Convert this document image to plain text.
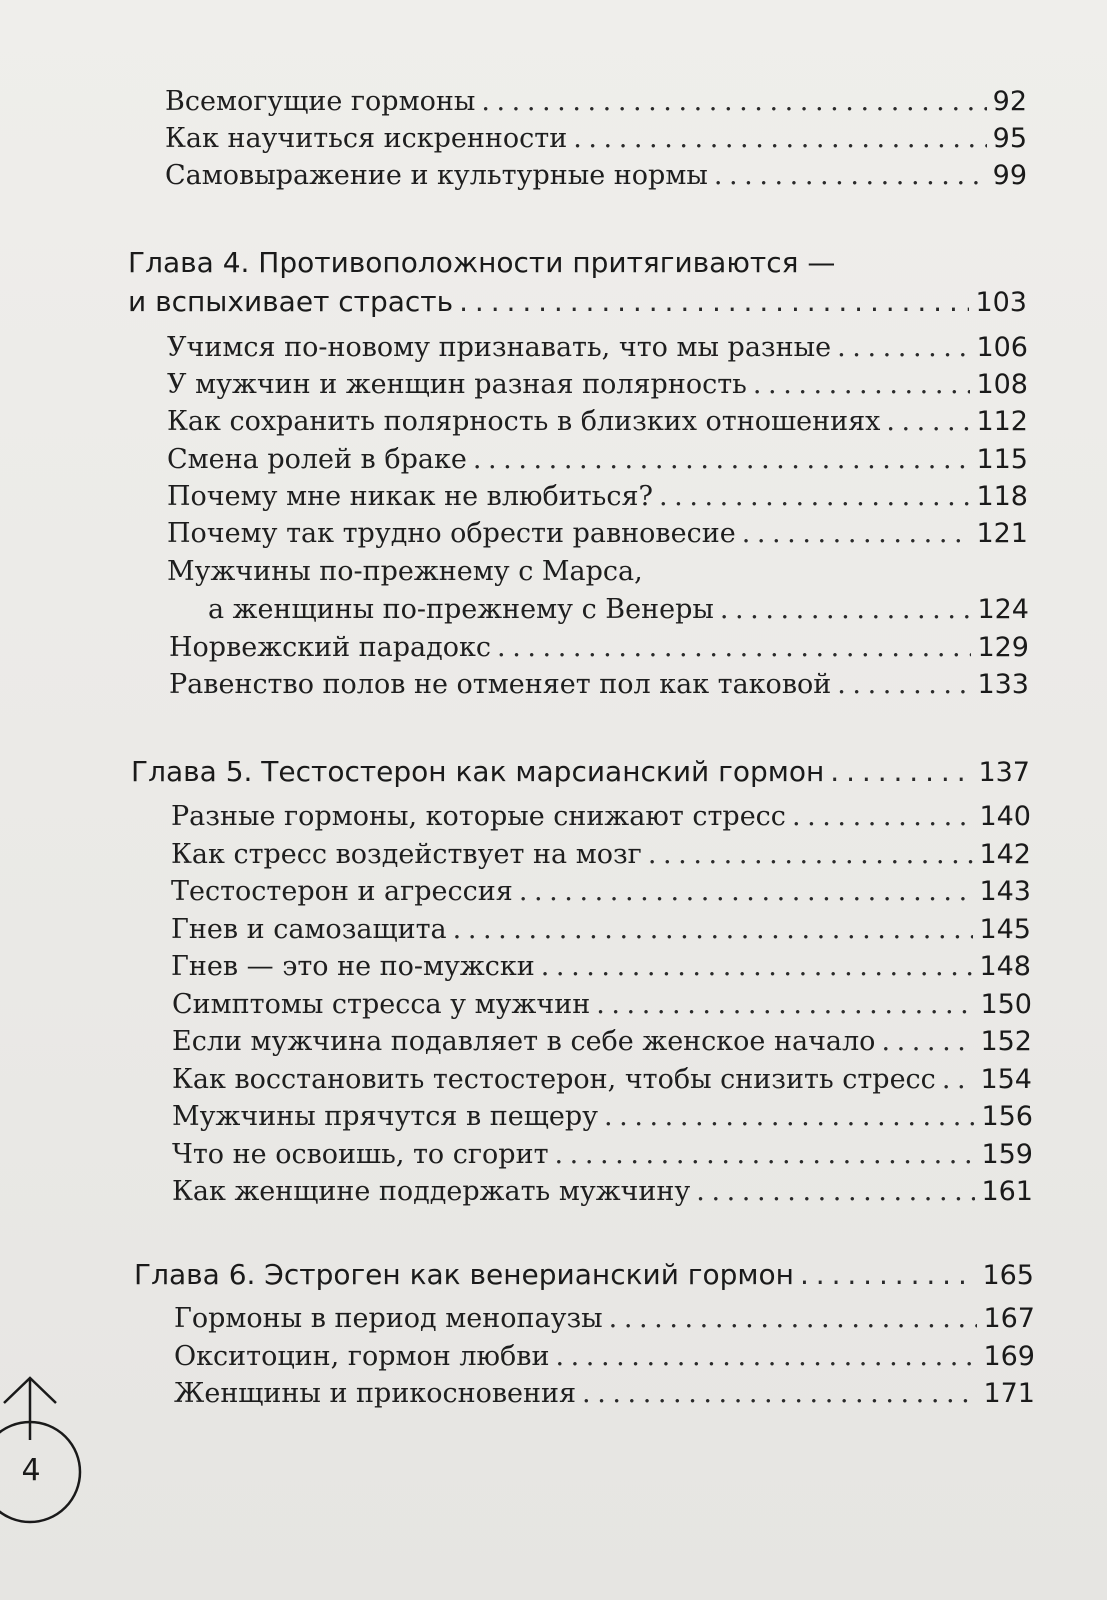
Всемогущие гормоны . . .	92
Как научиться искренности . . .	95
Самовыражение и культурные нормы . . .	99
Глава 4. Противоположности притягиваются —
и вспыхивает страсть . . .	103
Учимся по-новому признавать, что мы разные . . .	106
У мужчин и женщин разная полярность . . .	108
Как сохранить полярность в близких отношениях . . .	112
Смена ролей в браке . . .	115
Почему мне никак не влюбиться? . . .	118
Почему так трудно обрести равновесие . . .	121
Мужчины по-прежнему с Марса,
а женщины по-прежнему с Венеры . . .	124
Норвежский парадокс . . .	129
Равенство полов не отменяет пол как таковой . . .	133
Глава 5. Тестостерон как марсианский гормон . . .	137
Разные гормоны, которые снижают стресс . . .	140
Как стресс воздействует на мозг . . .	142
Тестостерон и агрессия . . .	143
Гнев и самозащита . . .	145
Гнев — это не по-мужски . . .	148
Симптомы стресса у мужчин . . .	150
Если мужчина подавляет в себе женское начало . . .	152
Как восстановить тестостерон, чтобы снизить стресс . . . 154
Мужчины прячутся в пещеру . . .	156
Что не освоишь, то сгорит . . .	159
Как женщине поддержать мужчину . . .	161
Глава 6. Эстроген как венерианский гормон . . .	165
Гормоны в период менопаузы . . .	167
Окситоцин, гормон любви . . .	169
Женщины и прикосновения . . .	171
4
